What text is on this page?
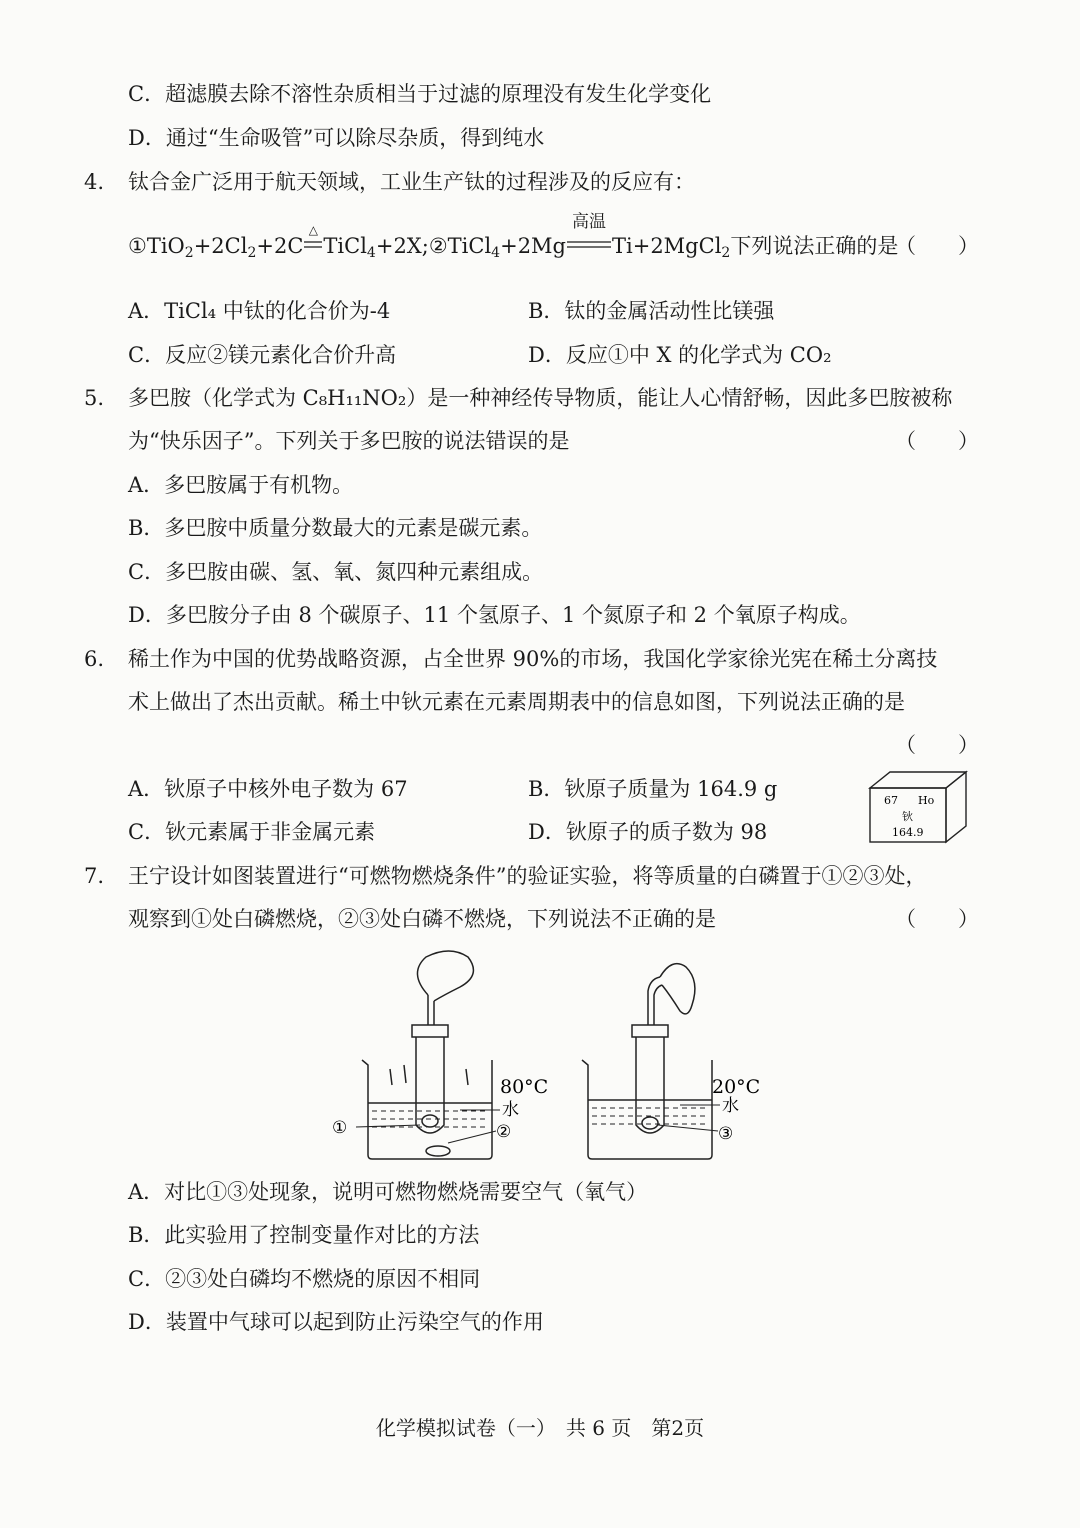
C．超滤膜去除不溶性杂质相当于过滤的原理没有发生化学变化
D．通过“生命吸管”可以除尽杂质，得到纯水
4. 钛合金广泛用于航天领域，工业生产钛的过程涉及的反应有：
$①TiO_2+2Cl_2+2C$
△
TiCl$_4$+2X;②TiCl$_4$+2Mg
高温
Ti+2MgCl$_2$下列说法正确的是
（　　）
A．TiCl₄ 中钛的化合价为-4	B．钛的金属活动性比镁强
C．反应②镁元素化合价升高	D．反应①中 X 的化学式为 CO₂
5. 多巴胺（化学式为 C₈H₁₁NO₂）是一种神经传导物质，能让人心情舒畅，因此多巴胺被称
为“快乐因子”。下列关于多巴胺的说法错误的是	（　　）
A．多巴胺属于有机物。
B．多巴胺中质量分数最大的元素是碳元素。
C．多巴胺由碳、氢、氧、氮四种元素组成。
D．多巴胺分子由 8 个碳原子、11 个氢原子、1 个氮原子和 2 个氧原子构成。
6. 稀土作为中国的优势战略资源，占全世界 90%的市场，我国化学家徐光宪在稀土分离技
术上做出了杰出贡献。稀土中钬元素在元素周期表中的信息如图，下列说法正确的是
（　　）
A．钬原子中核外电子数为 67	B．钬原子质量为 164.9 g
C．钬元素属于非金属元素	D．钬原子的质子数为 98
67 Ho
钬
164.9
7. 王宁设计如图装置进行“可燃物燃烧条件”的验证实验，将等质量的白磷置于①②③处，
观察到①处白磷燃烧，②③处白磷不燃烧，下列说法不正确的是	（　　）
80°C
水
①	②
20°C
水
③
A．对比①③处现象，说明可燃物燃烧需要空气（氧气）
B．此实验用了控制变量作对比的方法
C．②③处白磷均不燃烧的原因不相同
D．装置中气球可以起到防止污染空气的作用
化学模拟试卷（一）　共 6 页　第2页
